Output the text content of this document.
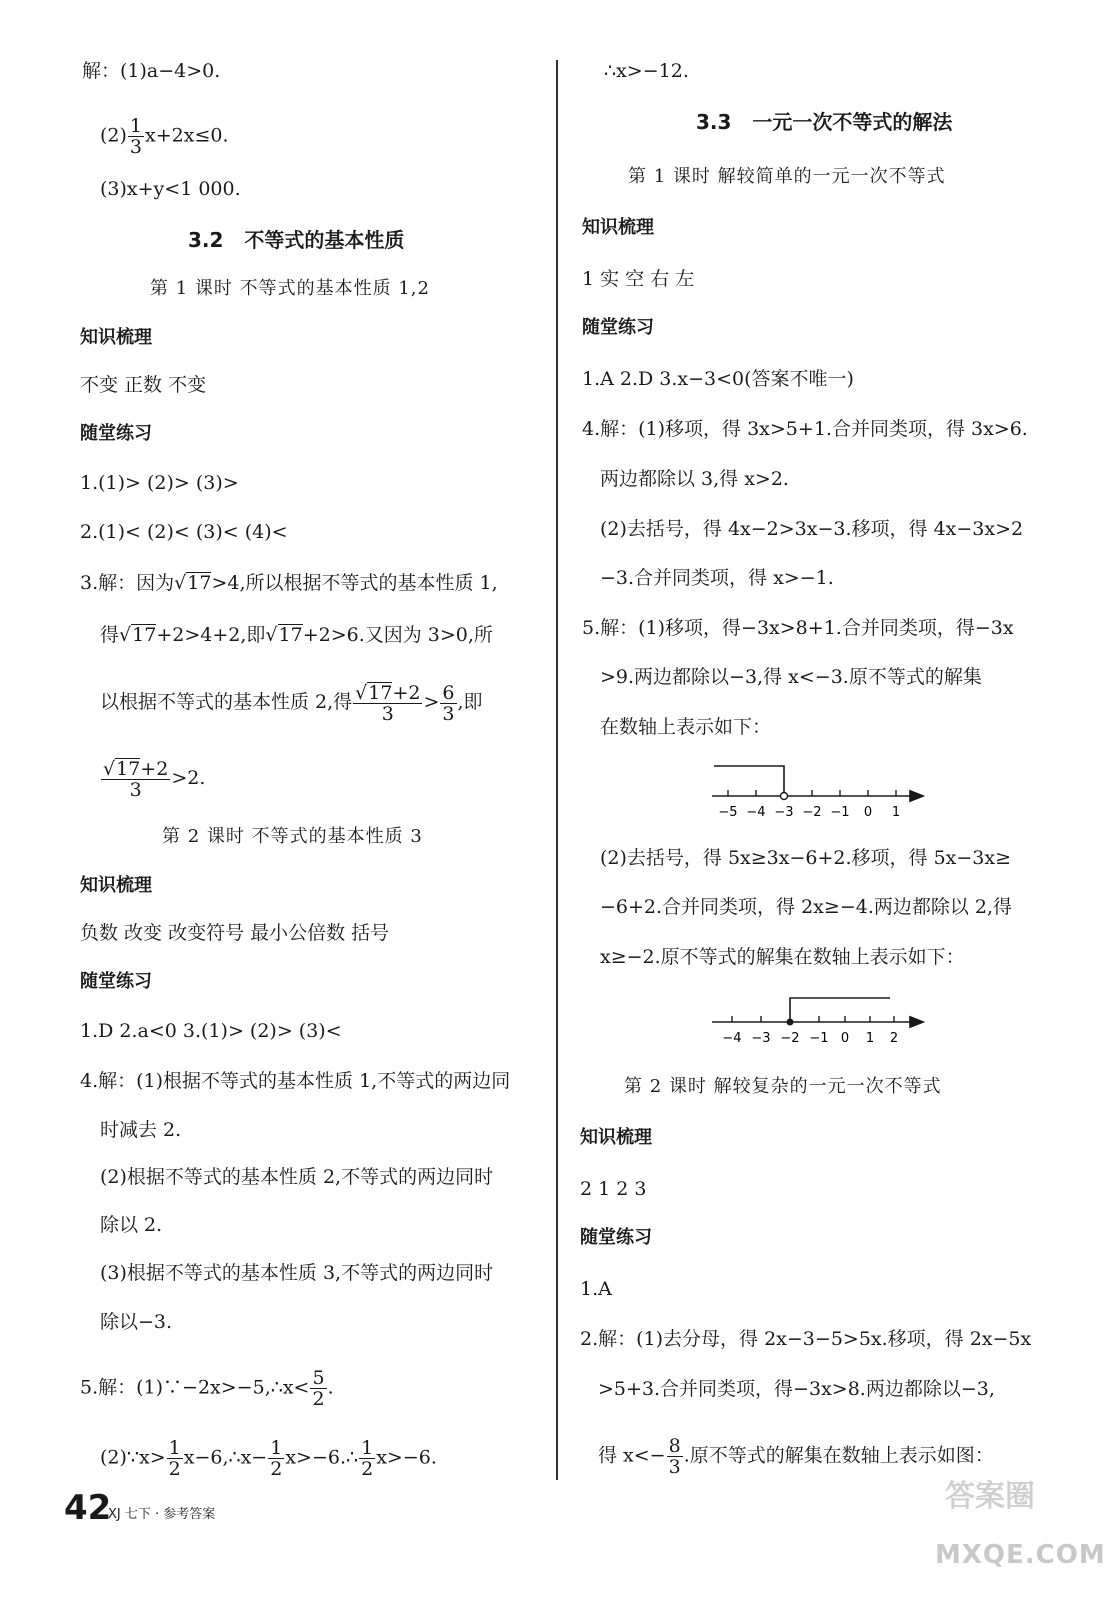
解：(1)a−4>0.
$(2) \frac{1}{3} x+2x\le 0$.
(3)x+y<1 000.
3.2 不等式的基本性质
第 1 课时 不等式的基本性质 1,2
知识梳理
不变 正数 不变
随堂练习
1.(1)> (2)> (3)>
2.(1)< (2)< (3)< (4)<
3.解：因为√17>4,所以根据不等式的基本性质 1,
得√17+2>4+2,即√17+2>6.又因为 3>0,所
以根据不等式的基本性质 2,得 $\frac{√17+2}{3} > \frac{6}{3}$ ,即
$\frac{√17+2}{3} >2$.
第 2 课时 不等式的基本性质 3
知识梳理
负数 改变 改变符号 最小公倍数 括号
随堂练习
1.D 2.a<0 3.(1)> (2)> (3)<
4.解：(1)根据不等式的基本性质 1,不等式的两边同
时减去 2.
(2)根据不等式的基本性质 2,不等式的两边同时
除以 2.
(3)根据不等式的基本性质 3,不等式的两边同时
除以−3.
5.解：(1)∵−2x>−5,∴x< $\frac{5}{2}$ .
(2)∵x> $\frac{1}{2}$ x−6,∴x− $\frac{1}{2}$ x>−6.∴ $\frac{1}{2} x>-6$.
∴x>−12.
3.3 一元一次不等式的解法
第 1 课时 解较简单的一元一次不等式
知识梳理
1 实 空 右 左
随堂练习
1.A 2.D 3.x−3<0(答案不唯一)
4.解：(1)移项，得 3x>5+1.合并同类项，得 3x>6.
两边都除以 3,得 x>2.
(2)去括号，得 4x−2>3x−3.移项，得 4x−3x>2
−3.合并同类项，得 x>−1.
5.解：(1)移项，得−3x>8+1.合并同类项，得−3x
>9.两边都除以−3,得 x<−3.原不等式的解集
在数轴上表示如下：
−5 −4 −3 −2 −1 0 1
(2)去括号，得 5x≥3x−6+2.移项，得 5x−3x≥
−6+2.合并同类项，得 2x≥−4.两边都除以 2,得
x≥−2.原不等式的解集在数轴上表示如下：
−4 −3 −2 −1 0 1 2
第 2 课时 解较复杂的一元一次不等式
知识梳理
2 1 2 3
随堂练习
1.A
2.解：(1)去分母，得 2x−3−5>5x.移项，得 2x−5x
>5+3.合并同类项，得−3x>8.两边都除以−3,
得 $x<- \frac{8}{3}$ .原不等式的解集在数轴上表示如图：
42
XJ 七下 · 参考答案
答案圈
MXQE.COM
